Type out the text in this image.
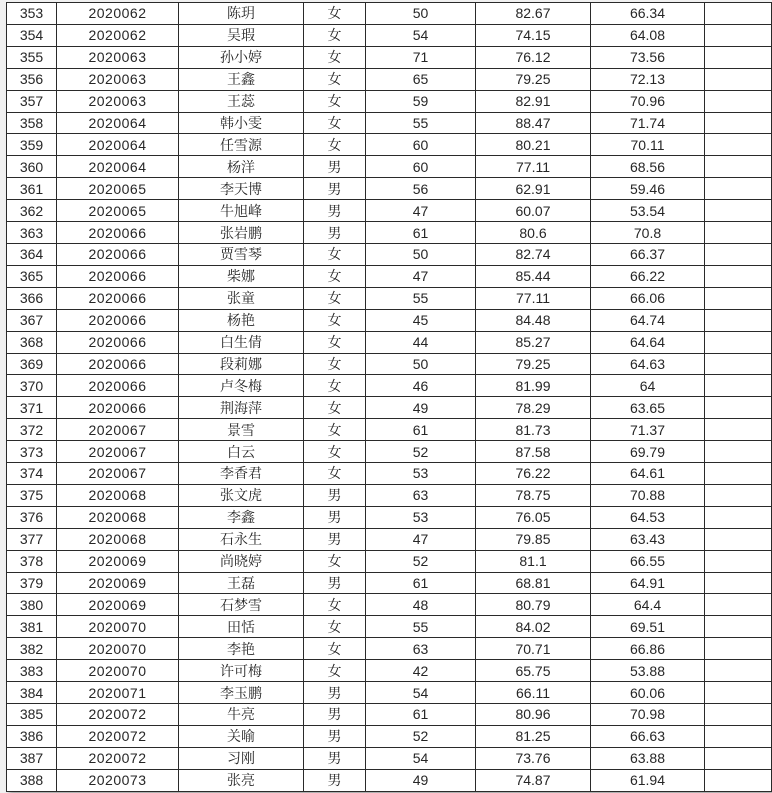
353	2020062	陈玥	女	50	82.67	66.34	
354	2020062	吴瑕	女	54	74.15	64.08	
355	2020063	孙小婷	女	71	76.12	73.56	
356	2020063	王鑫	女	65	79.25	72.13	
357	2020063	王蕊	女	59	82.91	70.96	
358	2020064	韩小雯	女	55	88.47	71.74	
359	2020064	任雪源	女	60	80.21	70.11	
360	2020064	杨洋	男	60	77.11	68.56	
361	2020065	李天博	男	56	62.91	59.46	
362	2020065	牛旭峰	男	47	60.07	53.54	
363	2020066	张岩鹏	男	61	80.6	70.8	
364	2020066	贾雪琴	女	50	82.74	66.37	
365	2020066	柴娜	女	47	85.44	66.22	
366	2020066	张童	女	55	77.11	66.06	
367	2020066	杨艳	女	45	84.48	64.74	
368	2020066	白生倩	女	44	85.27	64.64	
369	2020066	段莉娜	女	50	79.25	64.63	
370	2020066	卢冬梅	女	46	81.99	64	
371	2020066	荆海萍	女	49	78.29	63.65	
372	2020067	景雪	女	61	81.73	71.37	
373	2020067	白云	女	52	87.58	69.79	
374	2020067	李香君	女	53	76.22	64.61	
375	2020068	张文虎	男	63	78.75	70.88	
376	2020068	李鑫	男	53	76.05	64.53	
377	2020068	石永生	男	47	79.85	63.43	
378	2020069	尚晓婷	女	52	81.1	66.55	
379	2020069	王磊	男	61	68.81	64.91	
380	2020069	石梦雪	女	48	80.79	64.4	
381	2020070	田恬	女	55	84.02	69.51	
382	2020070	李艳	女	63	70.71	66.86	
383	2020070	许可梅	女	42	65.75	53.88	
384	2020071	李玉鹏	男	54	66.11	60.06	
385	2020072	牛亮	男	61	80.96	70.98	
386	2020072	关喻	男	52	81.25	66.63	
387	2020072	习刚	男	54	73.76	63.88	
388	2020073	张亮	男	49	74.87	61.94	
